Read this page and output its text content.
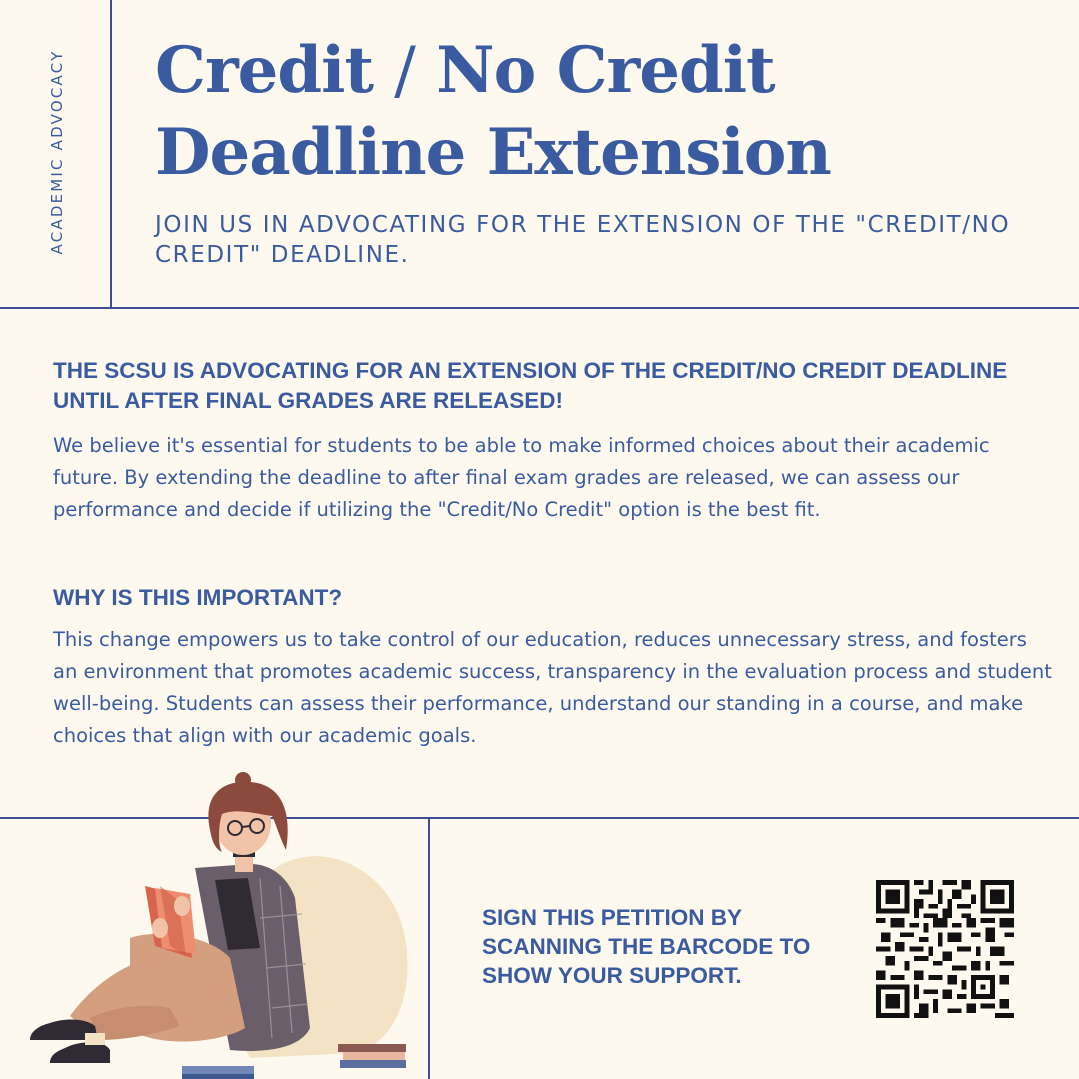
ACADEMIC ADVOCACY Credit / No Credit
Deadline Extension

JOIN US IN ADVOCATING FOR THE EXTENSION OF THE "CREDIT/NO CREDIT" DEADLINE.

THE SCSU IS ADVOCATING FOR AN EXTENSION OF THE CREDIT/NO CREDIT DEADLINE UNTIL AFTER FINAL GRADES ARE RELEASED!

We believe it's essential for students to be able to make informed choices about their academic future. By extending the deadline to after final exam grades are released, we can assess our performance and decide if utilizing the "Credit/No Credit" option is the best fit.

WHY IS THIS IMPORTANT?

This change empowers us to take control of our education, reduces unnecessary stress, and fosters an environment that promotes academic success, transparency in the evaluation process and student well-being. Students can assess their performance, understand our standing in a course, and make choices that align with our academic goals.

SIGN THIS PETITION BY SCANNING THE BARCODE TO SHOW YOUR SUPPORT.
